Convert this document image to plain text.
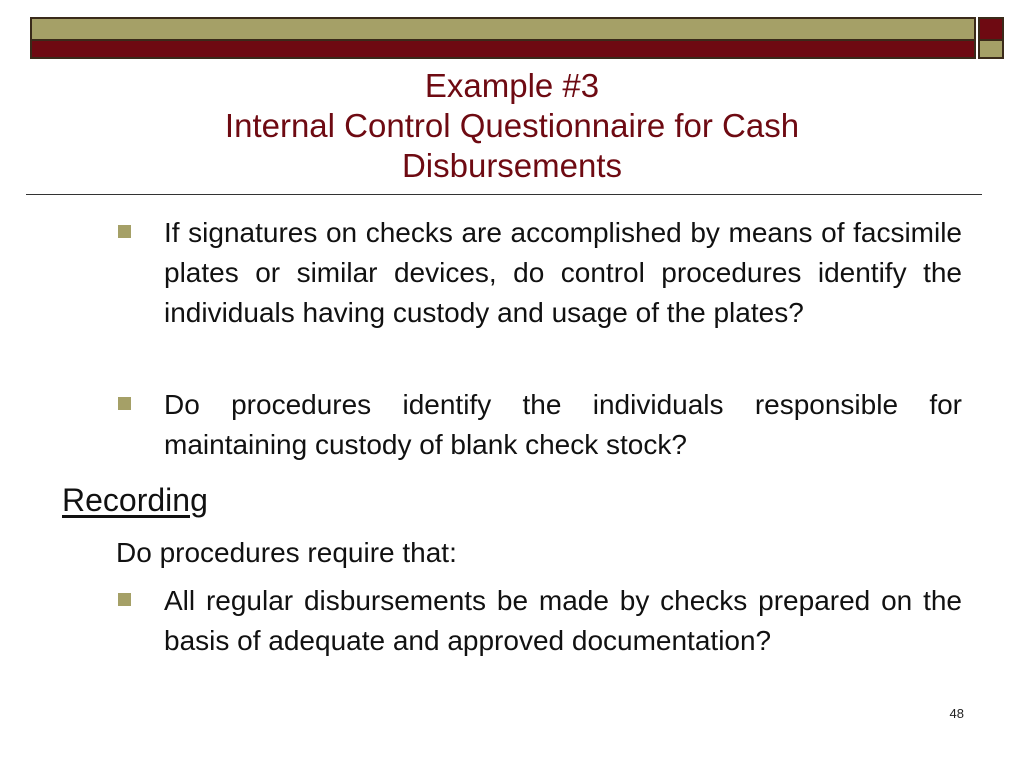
Example #3
Internal Control Questionnaire for Cash
Disbursements
If signatures on checks are accomplished by means of facsimile plates or similar devices, do control procedures identify the individuals having custody and usage of the plates?
Do procedures identify the individuals responsible for maintaining custody of blank check stock?
Recording
Do procedures require that:
All regular disbursements be made by checks prepared on the basis of adequate and approved documentation?
48
